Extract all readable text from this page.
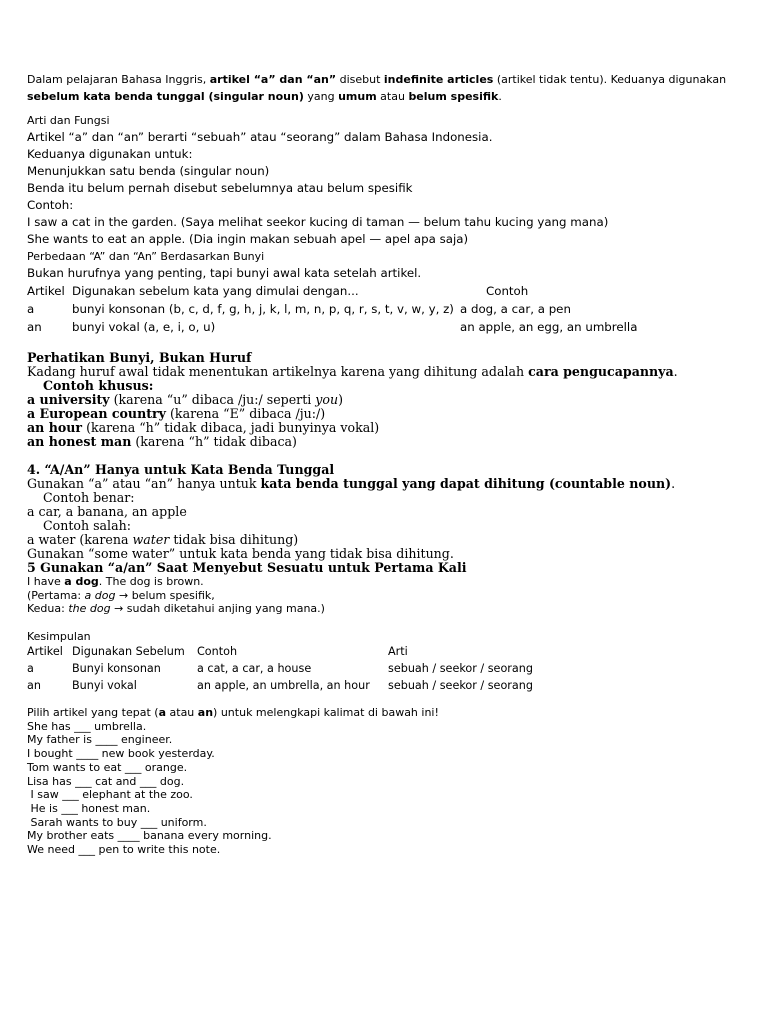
Dalam pelajaran Bahasa Inggris, artikel “a” dan “an” disebut indefinite articles (artikel tidak tentu). Keduanya digunakan

sebelum kata benda tunggal (singular noun) yang umum atau belum spesifik.

Arti dan Fungsi

Artikel “a” dan “an” berarti “sebuah” atau “seorang” dalam Bahasa Indonesia.

Keduanya digunakan untuk:

Menunjukkan satu benda (singular noun)

Benda itu belum pernah disebut sebelumnya atau belum spesifik

Contoh:

I saw a cat in the garden. (Saya melihat seekor kucing di taman — belum tahu kucing yang mana)

She wants to eat an apple. (Dia ingin makan sebuah apel — apel apa saja)

Perbedaan “A” dan “An” Berdasarkan Bunyi

Bukan hurufnya yang penting, tapi bunyi awal kata setelah artikel.

Artikel	Digunakan sebelum kata yang dimulai dengan...	Contoh
a	bunyi konsonan (b, c, d, f, g, h, j, k, l, m, n, p, q, r, s, t, v, w, y, z)	a dog, a car, a pen
an	bunyi vokal (a, e, i, o, u)	an apple, an egg, an umbrella

Perhatikan Bunyi, Bukan Huruf

Kadang huruf awal tidak menentukan artikelnya karena yang dihitung adalah cara pengucapannya.

Contoh khusus:

a university (karena “u” dibaca /ju:/ seperti you)

a European country (karena “E” dibaca /ju:/)

an hour (karena “h” tidak dibaca, jadi bunyinya vokal)

an honest man (karena “h” tidak dibaca)

4. “A/An” Hanya untuk Kata Benda Tunggal

Gunakan “a” atau “an” hanya untuk kata benda tunggal yang dapat dihitung (countable noun).

Contoh benar:

a car, a banana, an apple

Contoh salah:

a water (karena water tidak bisa dihitung)

Gunakan “some water” untuk kata benda yang tidak bisa dihitung.

5 Gunakan “a/an” Saat Menyebut Sesuatu untuk Pertama Kali

I have a dog. The dog is brown.

(Pertama: a dog → belum spesifik,

Kedua: the dog → sudah diketahui anjing yang mana.)

Kesimpulan

Artikel	Digunakan Sebelum	Contoh	Arti
a	Bunyi konsonan	a cat, a car, a house	sebuah / seekor / seorang
an	Bunyi vokal	an apple, an umbrella, an hour	sebuah / seekor / seorang

Pilih artikel yang tepat (a atau an) untuk melengkapi kalimat di bawah ini!

She has ___ umbrella.

My father is ____ engineer.

I bought ____ new book yesterday.

Tom wants to eat ___ orange.

Lisa has ___ cat and ___ dog.

I saw ___ elephant at the zoo.

He is ___ honest man.

Sarah wants to buy ___ uniform.

My brother eats ____ banana every morning.

We need ___ pen to write this note.
